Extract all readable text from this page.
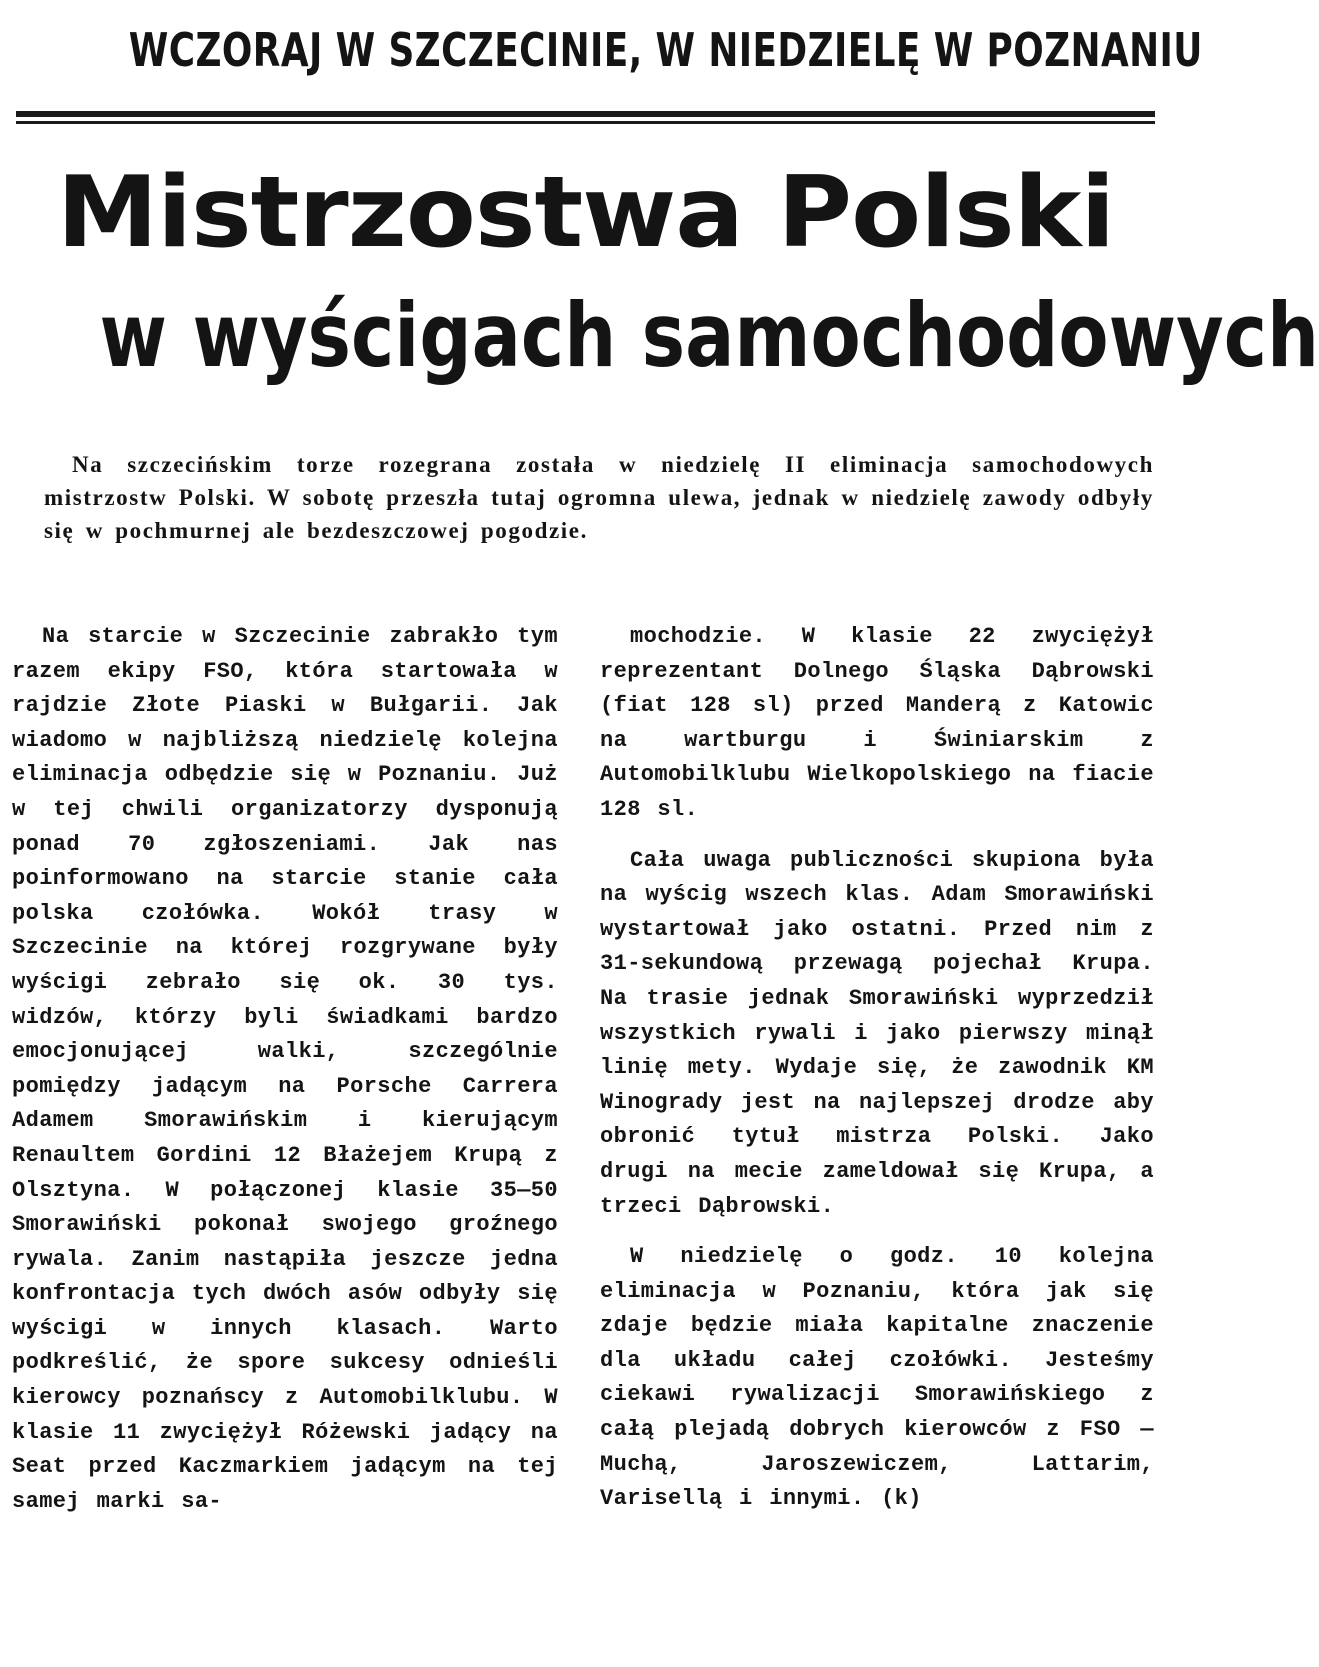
WCZORAJ W SZCZECINIE, W NIEDZIELĘ W POZNANIU
Mistrzostwa Polski
w wyścigach samochodowych
Na szczecińskim torze rozegrana została w niedzielę II eliminacja samochodowych mistrzostw Polski. W sobotę przeszła tutaj ogromna ulewa, jednak w niedzielę zawody odbyły się w pochmurnej ale bezdeszczowej pogodzie.

Na starcie w Szczecinie zabrakło tym razem ekipy FSO, która startowała w rajdzie Złote Piaski w Bułgarii. Jak wiadomo w najbliższą niedzielę kolejna eliminacja odbędzie się w Poznaniu. Już w tej chwili organizatorzy dysponują ponad 70 zgłoszeniami. Jak nas poinformowano na starcie stanie cała polska czołówka. Wokół trasy w Szczecinie na której rozgrywane były wyścigi zebrało się ok. 30 tys. widzów, którzy byli świadkami bardzo emocjonującej walki, szczególnie pomiędzy jadącym na Porsche Carrera Adamem Smorawińskim i kierującym Renaultem Gordini 12 Błażejem Krupą z Olsztyna. W połączonej klasie 35—50 Smorawiński pokonał swojego groźnego rywala. Zanim nastąpiła jeszcze jedna konfrontacja tych dwóch asów odbyły się wyścigi w innych klasach. Warto podkreślić, że spore sukcesy odnieśli kierowcy poznańscy z Automobilklubu. W klasie 11 zwyciężył Różewski jadący na Seat przed Kaczmarkiem jadącym na tej samej marki sa-

mochodzie. W klasie 22 zwyciężył reprezentant Dolnego Śląska Dąbrowski (fiat 128 sl) przed Manderą z Katowic na wartburgu i Świniarskim z Automobilklubu Wielkopolskiego na fiacie 128 sl.

Cała uwaga publiczności skupiona była na wyścig wszech klas. Adam Smorawiński wystartował jako ostatni. Przed nim z 31-sekundową przewagą pojechał Krupa. Na trasie jednak Smorawiński wyprzedził wszystkich rywali i jako pierwszy minął linię mety. Wydaje się, że zawodnik KM Winogrady jest na najlepszej drodze aby obronić tytuł mistrza Polski. Jako drugi na mecie zameldował się Krupa, a trzeci Dąbrowski.

W niedzielę o godz. 10 kolejna eliminacja w Poznaniu, która jak się zdaje będzie miała kapitalne znaczenie dla układu całej czołówki. Jesteśmy ciekawi rywalizacji Smorawińskiego z całą plejadą dobrych kierowców z FSO — Muchą, Jaroszewiczem, Lattarim, Varisellą i innymi. (k)
